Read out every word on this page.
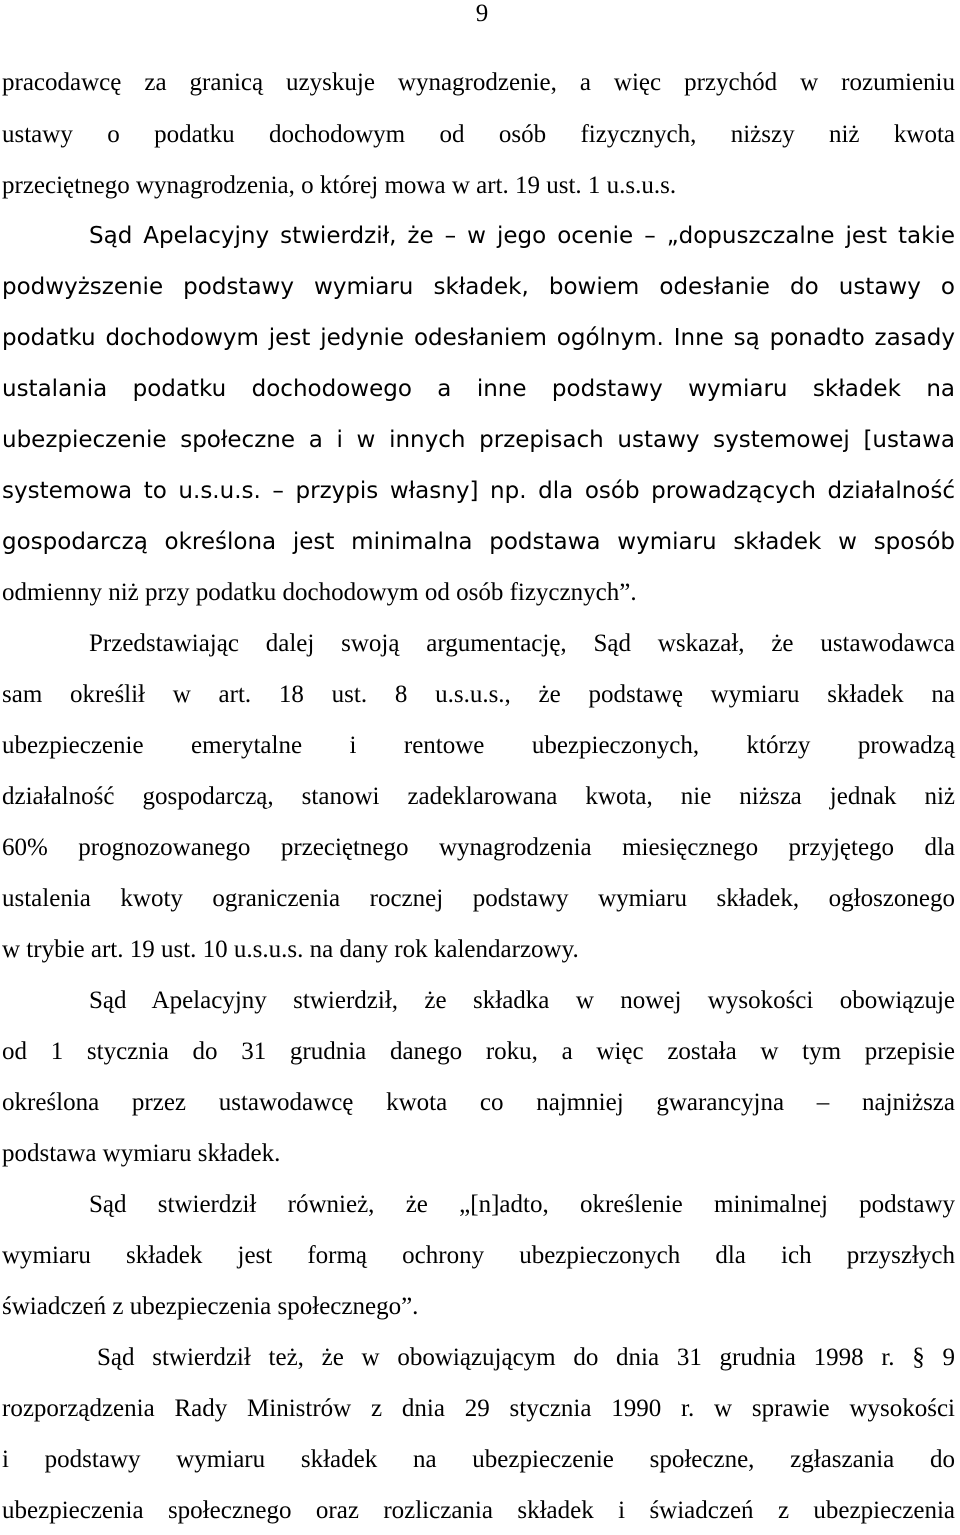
9
pracodawcę za granicą uzyskuje wynagrodzenie, a więc przychód w rozumieniu
ustawy o podatku dochodowym od osób fizycznych, niższy niż kwota
przeciętnego wynagrodzenia, o której mowa w art. 19 ust. 1 u.s.u.s.
Sąd Apelacyjny stwierdził, że – w jego ocenie – „dopuszczalne jest takie
podwyższenie podstawy wymiaru składek, bowiem odesłanie do ustawy o
podatku dochodowym jest jedynie odesłaniem ogólnym. Inne są ponadto zasady
ustalania podatku dochodowego a inne podstawy wymiaru składek na
ubezpieczenie społeczne a i w innych przepisach ustawy systemowej [ustawa
systemowa to u.s.u.s. – przypis własny] np. dla osób prowadzących działalność
gospodarczą określona jest minimalna podstawa wymiaru składek w sposób
odmienny niż przy podatku dochodowym od osób fizycznych”.
Przedstawiając dalej swoją argumentację, Sąd wskazał, że ustawodawca
sam określił w art. 18 ust. 8 u.s.u.s., że podstawę wymiaru składek na
ubezpieczenie emerytalne i rentowe ubezpieczonych, którzy prowadzą
działalność gospodarczą, stanowi zadeklarowana kwota, nie niższa jednak niż
60% prognozowanego przeciętnego wynagrodzenia miesięcznego przyjętego dla
ustalenia kwoty ograniczenia rocznej podstawy wymiaru składek, ogłoszonego
w trybie art. 19 ust. 10 u.s.u.s. na dany rok kalendarzowy.
Sąd Apelacyjny stwierdził, że składka w nowej wysokości obowiązuje
od 1 stycznia do 31 grudnia danego roku, a więc została w tym przepisie
określona przez ustawodawcę kwota co najmniej gwarancyjna – najniższa
podstawa wymiaru składek.
Sąd stwierdził również, że „[n]adto, określenie minimalnej podstawy
wymiaru składek jest formą ochrony ubezpieczonych dla ich przyszłych
świadczeń z ubezpieczenia społecznego”.
Sąd stwierdził też, że w obowiązującym do dnia 31 grudnia 1998 r. § 9
rozporządzenia Rady Ministrów z dnia 29 stycznia 1990 r. w sprawie wysokości
i podstawy wymiaru składek na ubezpieczenie społeczne, zgłaszania do
ubezpieczenia społecznego oraz rozliczania składek i świadczeń z ubezpieczenia
